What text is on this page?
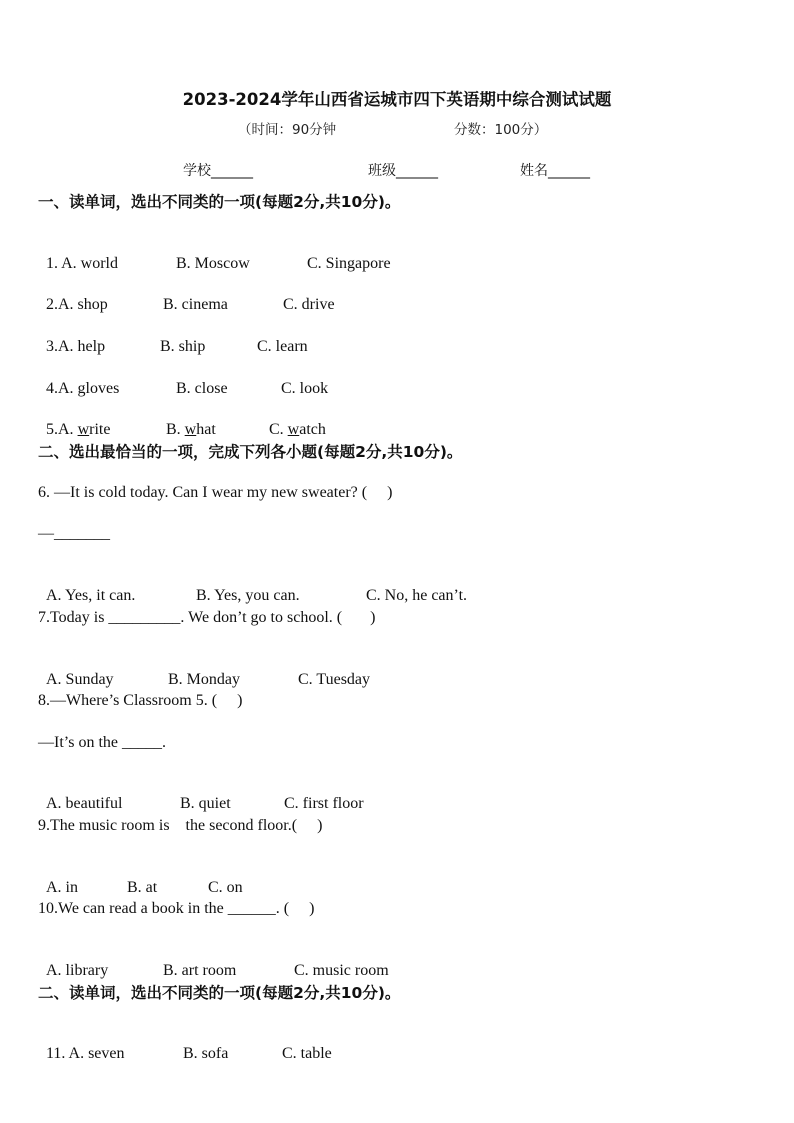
2023-2024学年山西省运城市四下英语期中综合测试试题
（时间：90分钟	分数：100分）
学校______	班级______	姓名______
一、读单词，选出不同类的一项(每题2分,共10分)。

1. A. world	B. Moscow	C. Singapore

2.A. shop	B. cinema	C. drive

3.A. help	B. ship	C. learn

4.A. gloves	B. close	C. look

5.A. write	B. what	C. watch

二、选出最恰当的一项，完成下列各小题(每题2分,共10分)。
6. —It is cold today. Can I wear my new sweater? (     )
—_______

A. Yes, it can.	B. Yes, you can.	C. No, he can’t.

7.Today is _________. We don’t go to school. (       )

A. Sunday	B. Monday	C. Tuesday

8.—Where’s Classroom 5. (     )
—It’s on the _____.

A. beautiful	B. quiet	C. first floor

9.The music room is    the second floor.(     )

A. in	B. at	C. on

10.We can read a book in the ______. (     )

A. library	B. art room	C. music room

二、读单词，选出不同类的一项(每题2分,共10分)。

11. A. seven	B. sofa	C. table
